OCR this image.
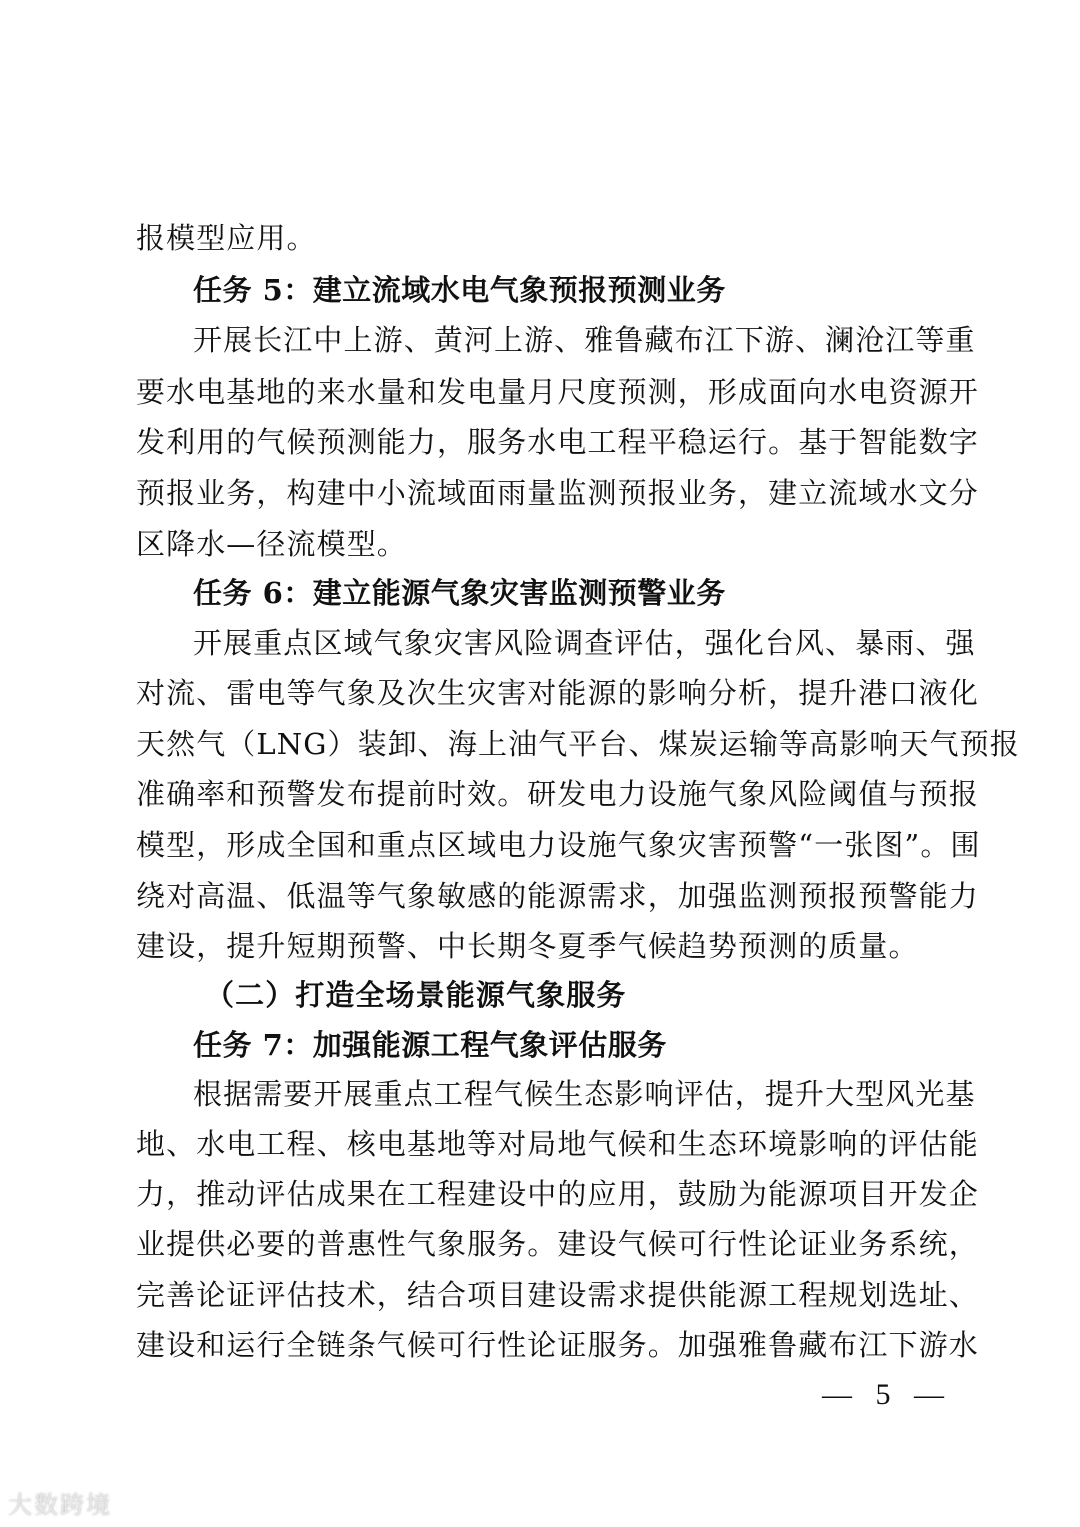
报模型应用。
任务 5：建立流域水电气象预报预测业务
开展长江中上游、黄河上游、雅鲁藏布江下游、澜沧江等重
要水电基地的来水量和发电量月尺度预测，形成面向水电资源开
发利用的气候预测能力，服务水电工程平稳运行。基于智能数字
预报业务，构建中小流域面雨量监测预报业务，建立流域水文分
区降水—径流模型。
任务 6：建立能源气象灾害监测预警业务
开展重点区域气象灾害风险调查评估，强化台风、暴雨、强
对流、雷电等气象及次生灾害对能源的影响分析，提升港口液化
天然气（LNG）装卸、海上油气平台、煤炭运输等高影响天气预报
准确率和预警发布提前时效。研发电力设施气象风险阈值与预报
模型，形成全国和重点区域电力设施气象灾害预警“一张图”。围
绕对高温、低温等气象敏感的能源需求，加强监测预报预警能力
建设，提升短期预警、中长期冬夏季气候趋势预测的质量。
（二）打造全场景能源气象服务
任务 7：加强能源工程气象评估服务
根据需要开展重点工程气候生态影响评估，提升大型风光基
地、水电工程、核电基地等对局地气候和生态环境影响的评估能
力，推动评估成果在工程建设中的应用，鼓励为能源项目开发企
业提供必要的普惠性气象服务。建设气候可行性论证业务系统，
完善论证评估技术，结合项目建设需求提供能源工程规划选址、
建设和运行全链条气候可行性论证服务。加强雅鲁藏布江下游水
— 5 —
大数跨境
